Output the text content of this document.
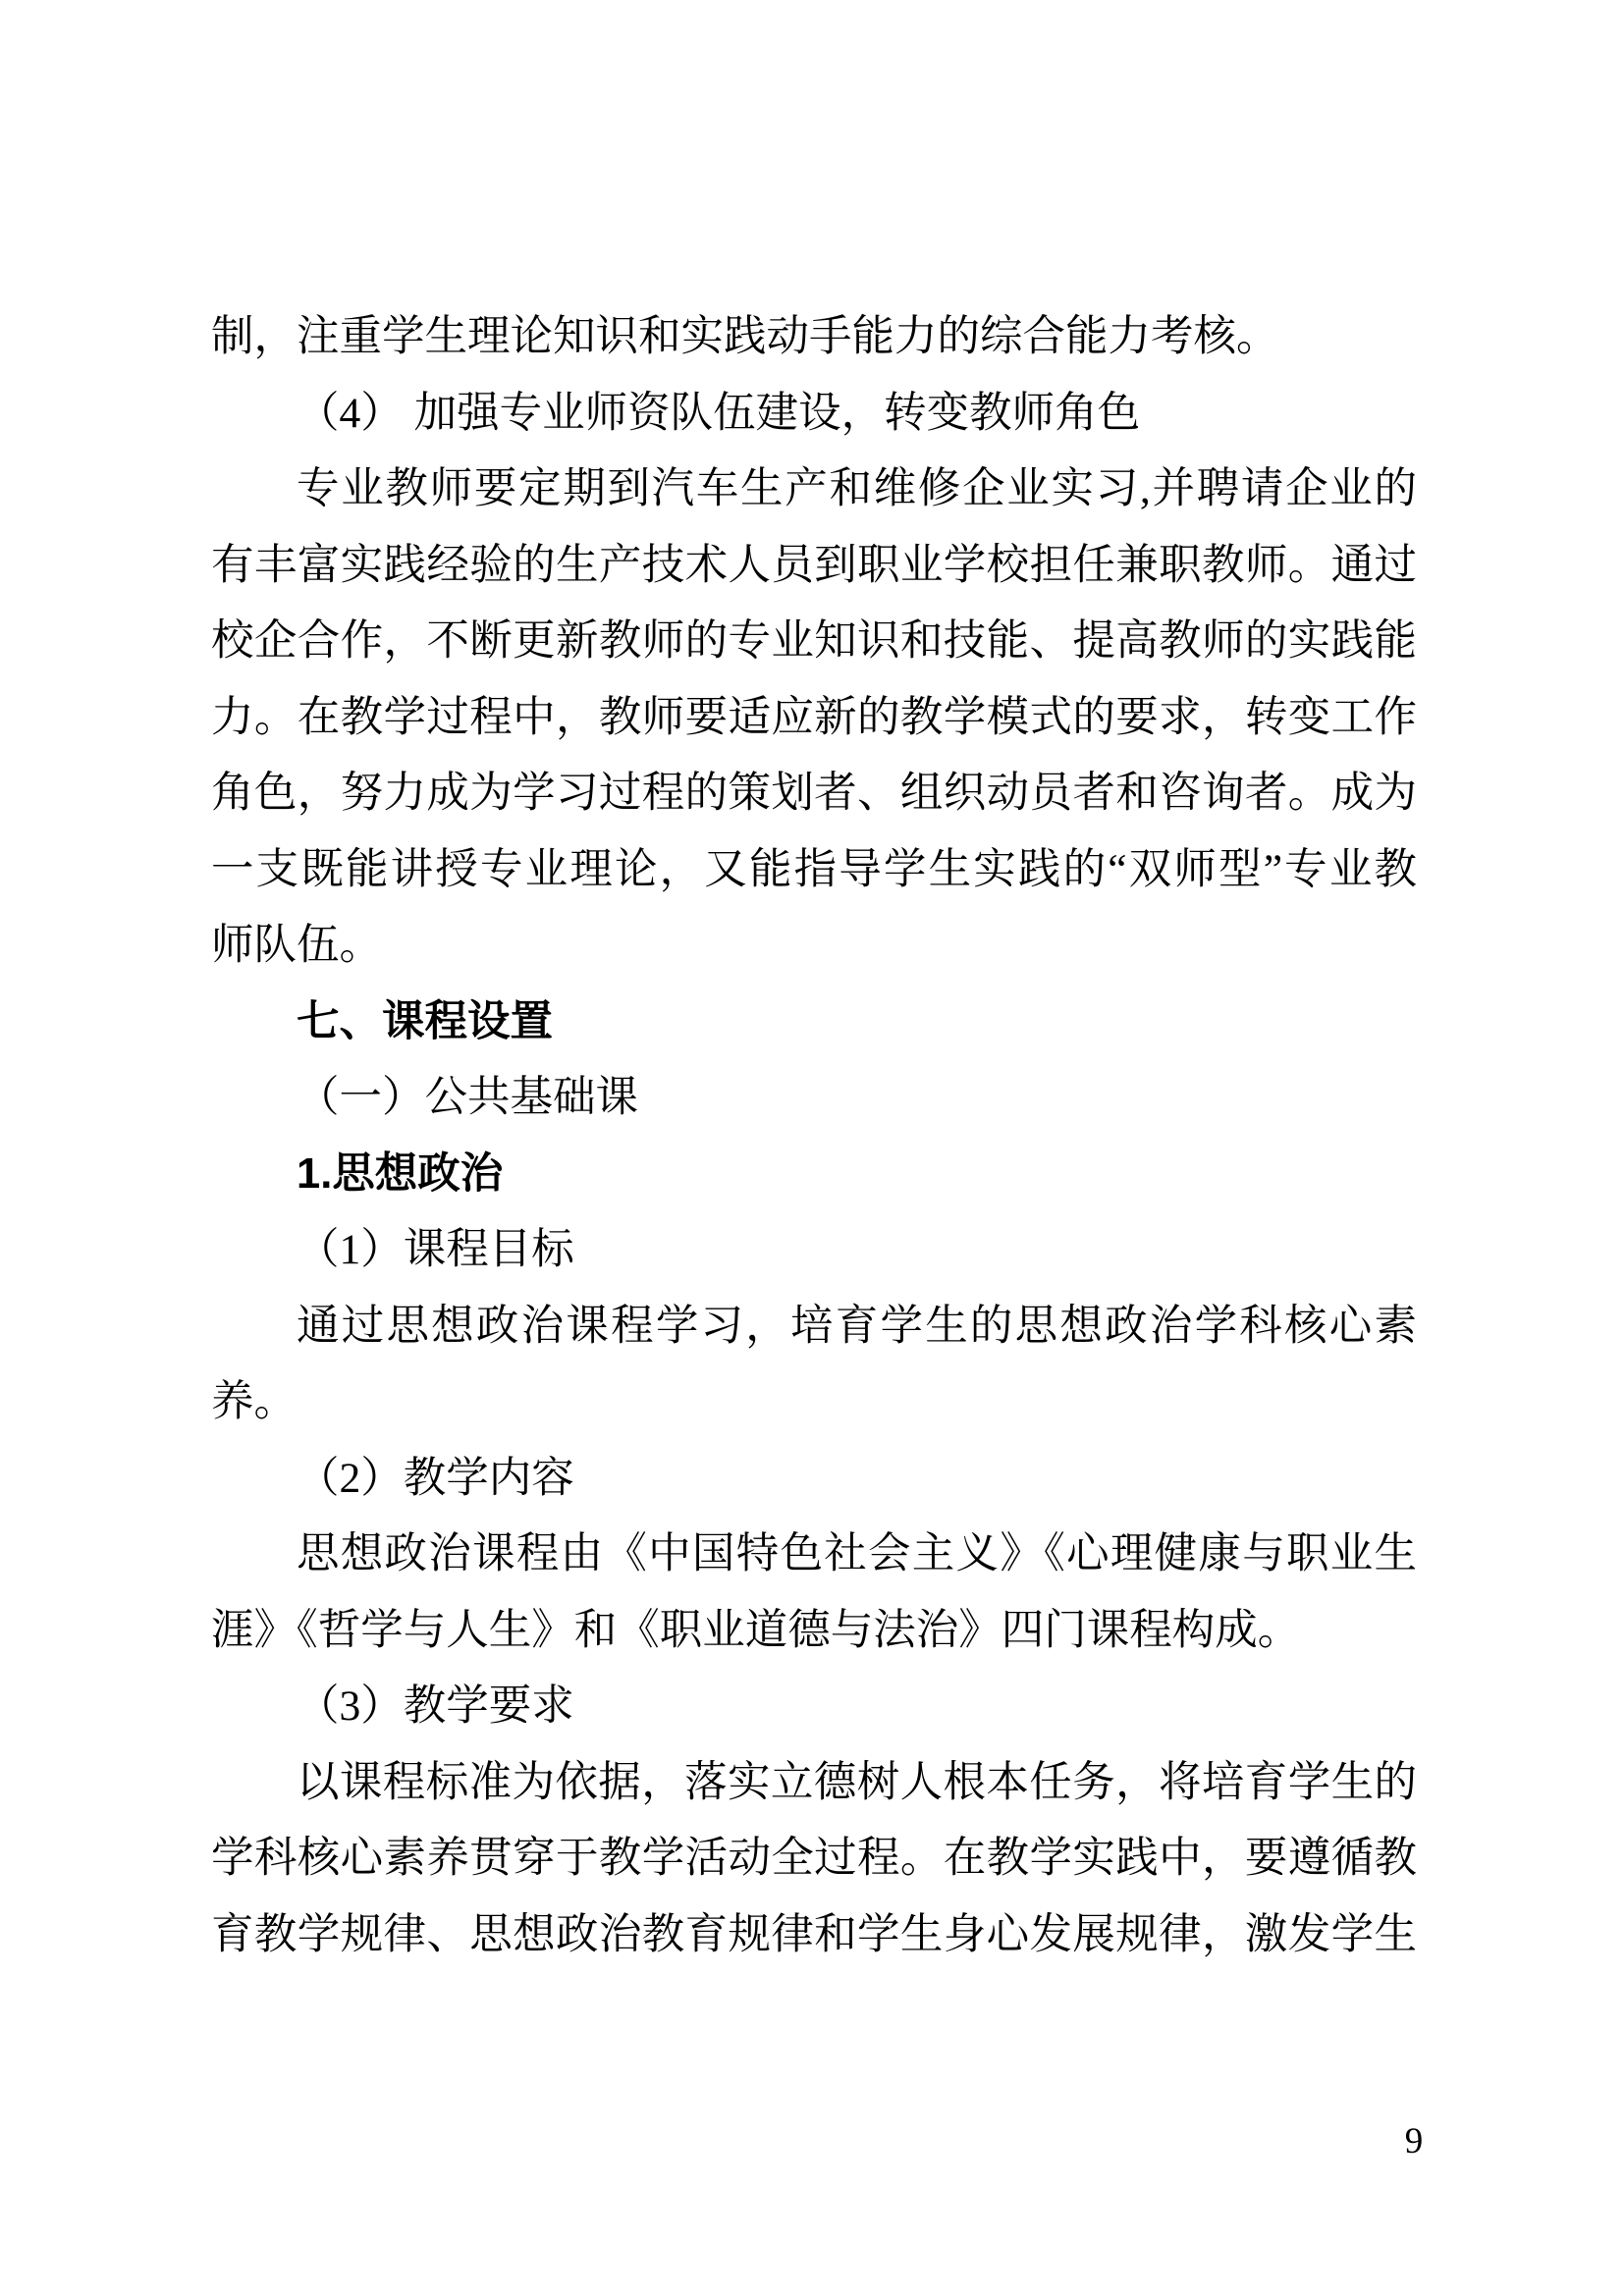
制，注重学生理论知识和实践动手能力的综合能力考核。
（4） 加强专业师资队伍建设，转变教师角色
专业教师要定期到汽车生产和维修企业实习,并聘请企业的
有丰富实践经验的生产技术人员到职业学校担任兼职教师。通过
校企合作，不断更新教师的专业知识和技能、提高教师的实践能
力。在教学过程中，教师要适应新的教学模式的要求，转变工作
角色，努力成为学习过程的策划者、组织动员者和咨询者。成为
一支既能讲授专业理论，又能指导学生实践的“双师型”专业教
师队伍。
七、课程设置
（一）公共基础课
1.思想政治
（1）课程目标
通过思想政治课程学习，培育学生的思想政治学科核心素
养。
（2）教学内容
思想政治课程由《中国特色社会主义》《心理健康与职业生
涯》《哲学与人生》和《职业道德与法治》四门课程构成。
（3）教学要求
以课程标准为依据，落实立德树人根本任务，将培育学生的
学科核心素养贯穿于教学活动全过程。在教学实践中，要遵循教
育教学规律、思想政治教育规律和学生身心发展规律，激发学生
9
